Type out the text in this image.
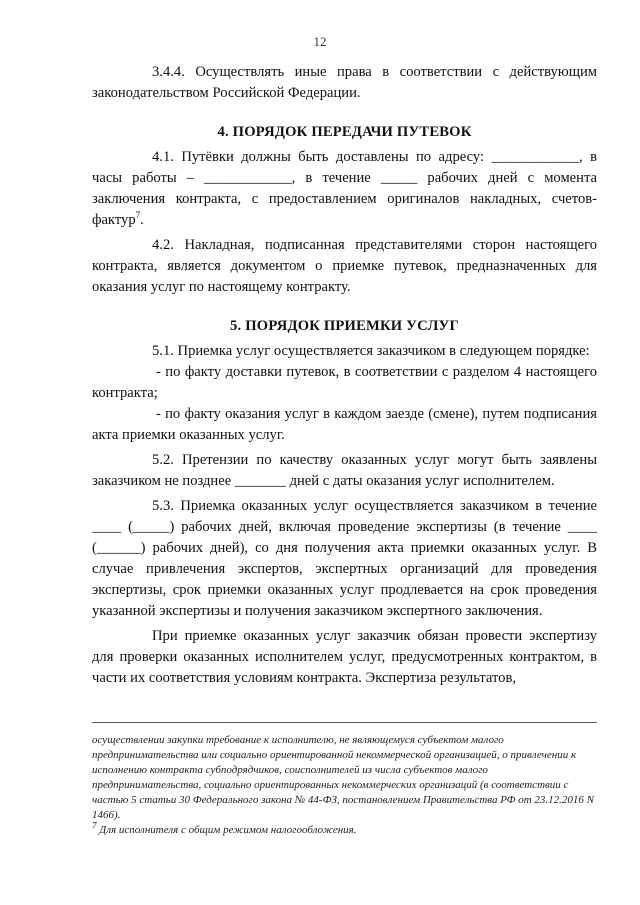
12

3.4.4. Осуществлять иные права в соответствии с действующим законодательством Российской Федерации.

4. ПОРЯДОК ПЕРЕДАЧИ ПУТЕВОК

4.1. Путёвки должны быть доставлены по адресу: ____________, в часы работы – ____________, в течение _____ рабочих дней с момента заключения контракта, с предоставлением оригиналов накладных, счетов-фактур$^7$.

4.2. Накладная, подписанная представителями сторон настоящего контракта, является документом о приемке путевок, предназначенных для оказания услуг по настоящему контракту.

5. ПОРЯДОК ПРИЕМКИ УСЛУГ

5.1. Приемка услуг осуществляется заказчиком в следующем порядке:

- по факту доставки путевок, в соответствии с разделом 4 настоящего контракта;

- по факту оказания услуг в каждом заезде (смене), путем подписания акта приемки оказанных услуг.

5.2. Претензии по качеству оказанных услуг могут быть заявлены заказчиком не позднее _______ дней с даты оказания услуг исполнителем.

5.3. Приемка оказанных услуг осуществляется заказчиком в течение ____ (_____) рабочих дней, включая проведение экспертизы (в течение ____ (______) рабочих дней), со дня получения акта приемки оказанных услуг. В случае привлечения экспертов, экспертных организаций для проведения экспертизы, срок приемки оказанных услуг продлевается на срок проведения указанной экспертизы и получения заказчиком экспертного заключения.

При приемке оказанных услуг заказчик обязан провести экспертизу для проверки оказанных исполнителем услуг, предусмотренных контрактом, в части их соответствия условиям контракта. Экспертиза результатов,

осуществлении закупки требование к исполнителю, не являющемуся субъектом малого предпринимательства или социально ориентированной некоммерческой организацией, о привлечении к исполнению контракта субподрядчиков, соисполнителей из числа субъектов малого предпринимательства, социально ориентированных некоммерческих организаций (в соответствии с частью 5 статьи 30 Федерального закона № 44-ФЗ, постановлением Правительства РФ от 23.12.2016 N 1466).

$^7$ Для исполнителя с общим режимом налогообложения.
